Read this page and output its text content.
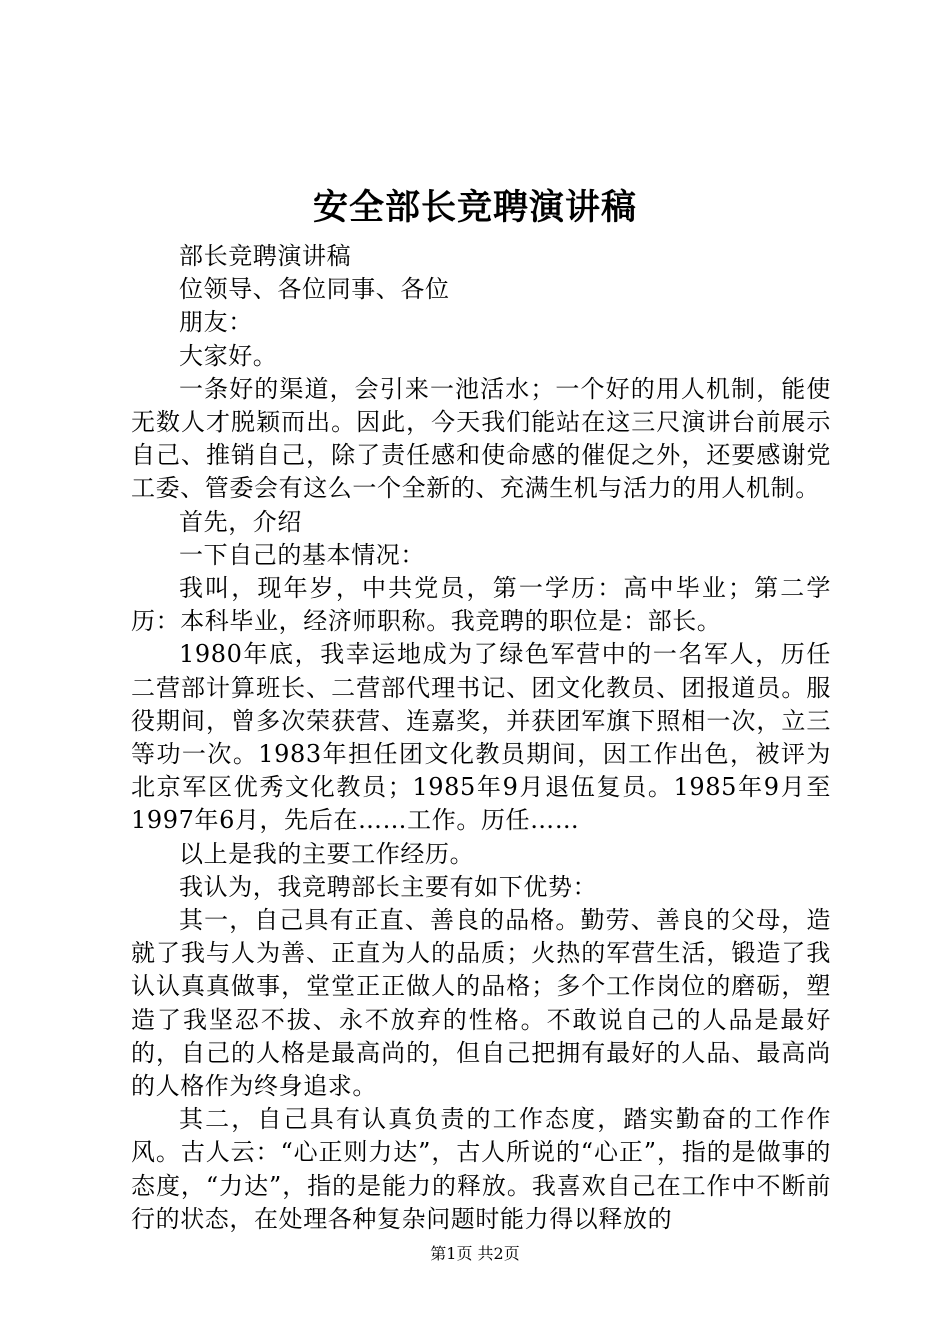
安全部长竞聘演讲稿

部长竞聘演讲稿

位领导、各位同事、各位

朋友：

大家好。

一条好的渠道，会引来一池活水；一个好的用人机制，能使无数人才脱颖而出。因此，今天我们能站在这三尺演讲台前展示自己、推销自己，除了责任感和使命感的催促之外，还要感谢党工委、管委会有这么一个全新的、充满生机与活力的用人机制。

首先，介绍

一下自己的基本情况：

我叫，现年岁，中共党员，第一学历：高中毕业；第二学历：本科毕业，经济师职称。我竞聘的职位是：部长。

1980年底，我幸运地成为了绿色军营中的一名军人，历任二营部计算班长、二营部代理书记、团文化教员、团报道员。服役期间，曾多次荣获营、连嘉奖，并获团军旗下照相一次，立三等功一次。1983年担任团文化教员期间，因工作出色，被评为北京军区优秀文化教员；1985年9月退伍复员。1985年9月至1997年6月，先后在……工作。历任……

以上是我的主要工作经历。

我认为，我竞聘部长主要有如下优势：

其一，自己具有正直、善良的品格。勤劳、善良的父母，造就了我与人为善、正直为人的品质；火热的军营生活，锻造了我认认真真做事，堂堂正正做人的品格；多个工作岗位的磨砺，塑造了我坚忍不拔、永不放弃的性格。不敢说自己的人品是最好的，自己的人格是最高尚的，但自己把拥有最好的人品、最高尚的人格作为终身追求。

其二，自己具有认真负责的工作态度，踏实勤奋的工作作风。古人云：“心正则力达”，古人所说的“心正”，指的是做事的态度，“力达”，指的是能力的释放。我喜欢自己在工作中不断前行的状态，在处理各种复杂问题时能力得以释放的

第1页 共2页
